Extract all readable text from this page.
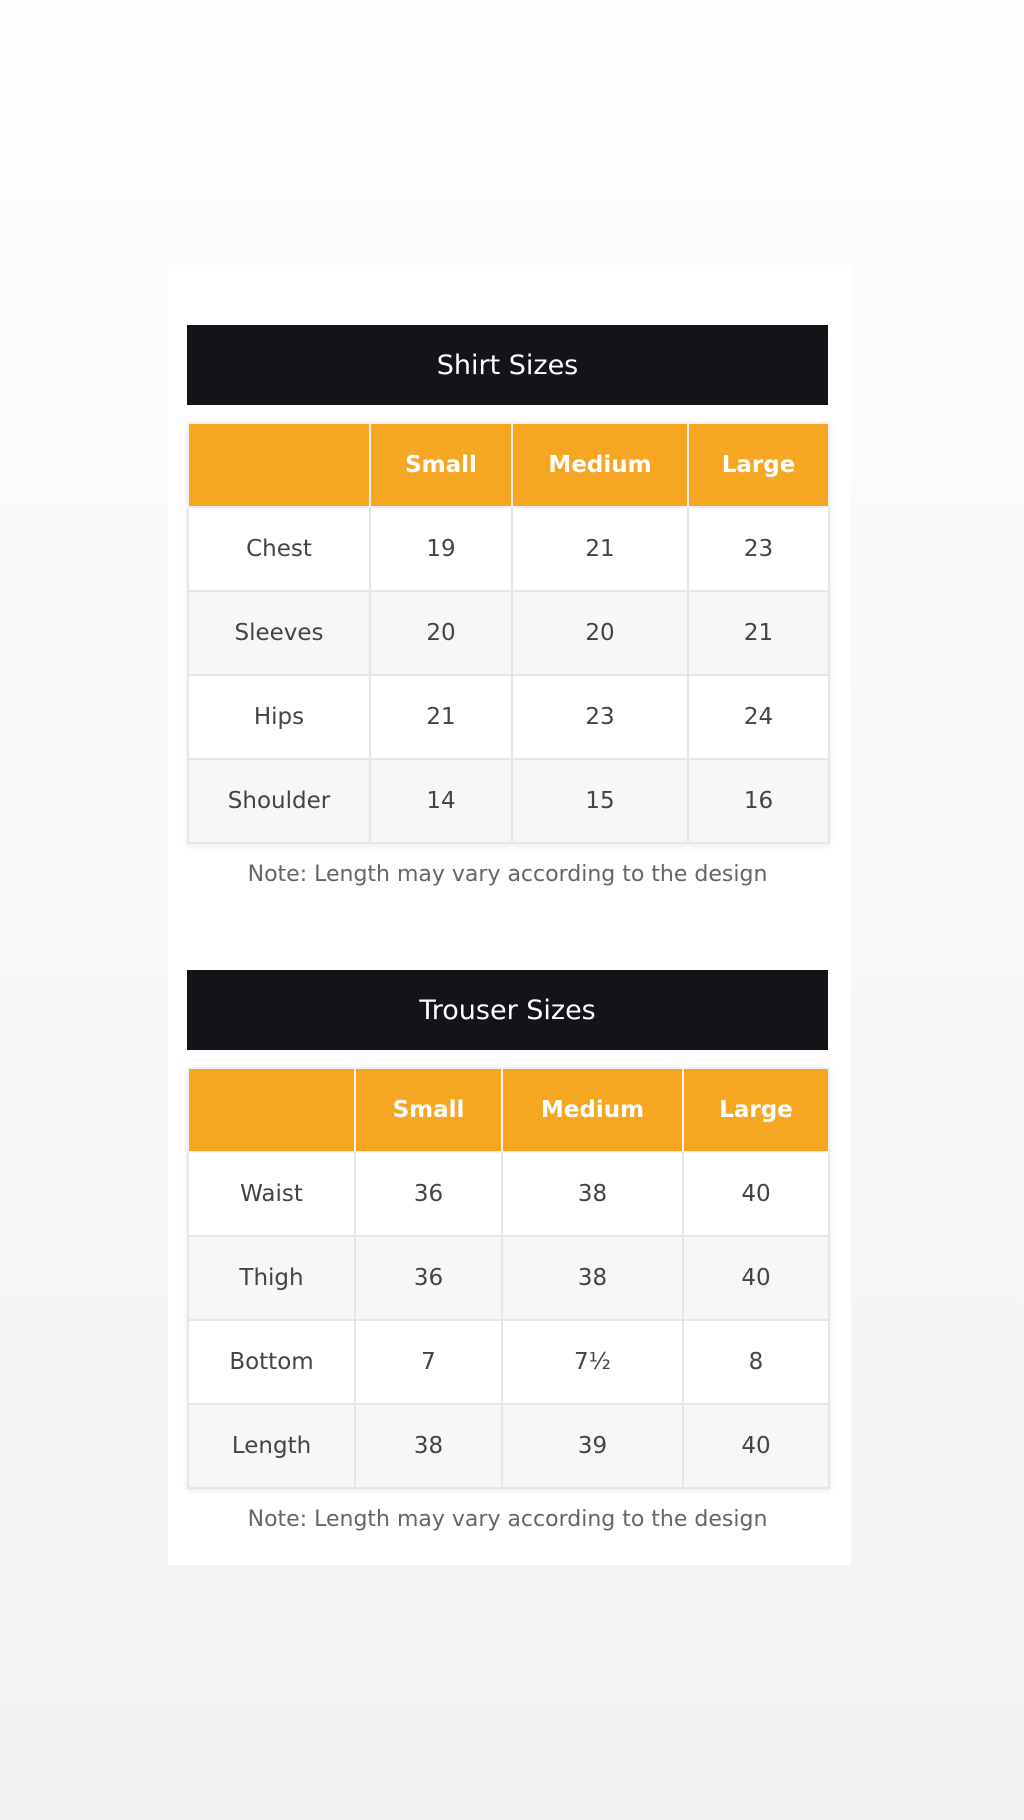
Shirt Sizes
	Small	Medium	Large
Chest	19	21	23
Sleeves	20	20	21
Hips	21	23	24
Shoulder	14	15	16
Note: Length may vary according to the design
Trouser Sizes
	Small	Medium	Large
Waist	36	38	40
Thigh	36	38	40
Bottom	7	7½	8
Length	38	39	40
Note: Length may vary according to the design
